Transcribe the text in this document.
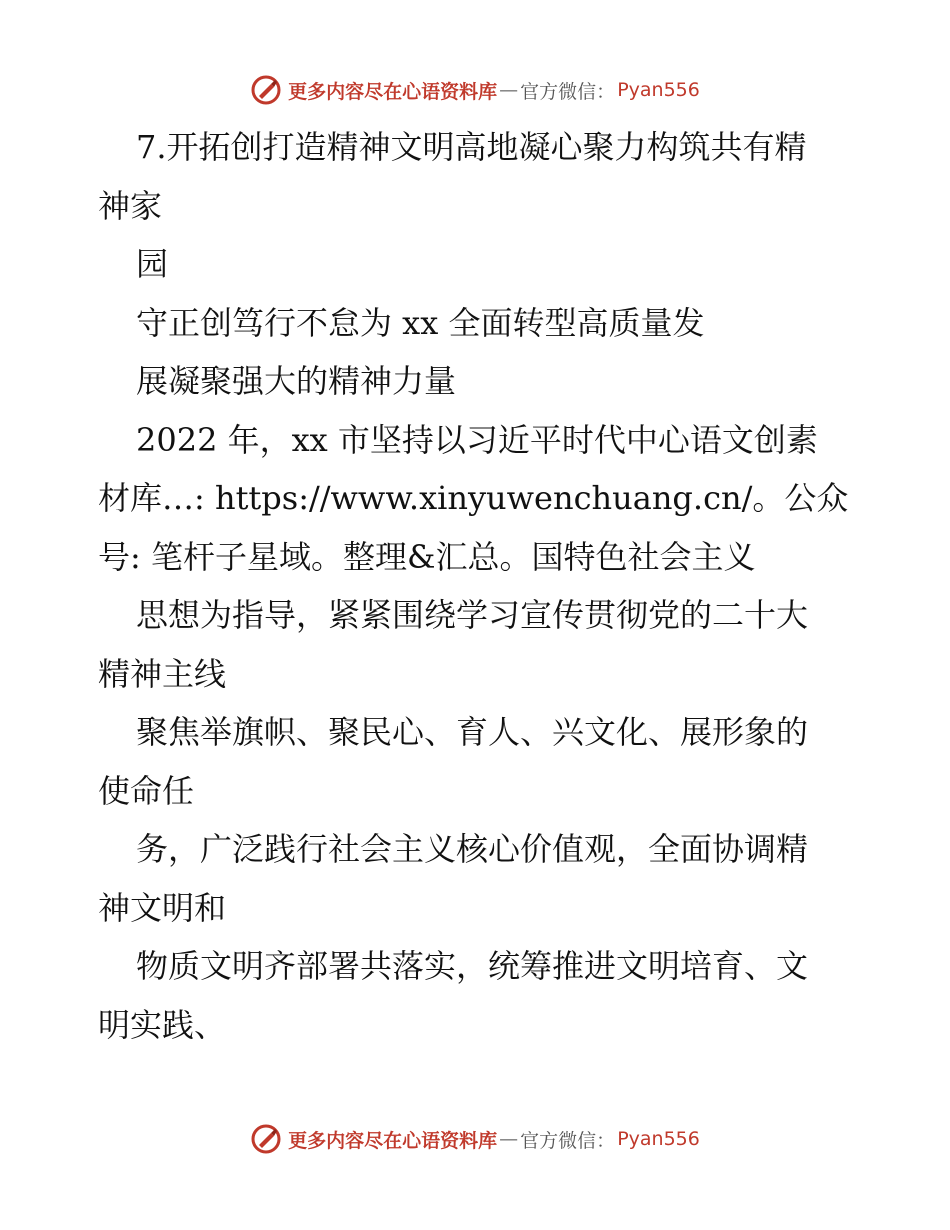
更多内容尽在心语资料库 — 官方微信： Pyan556
7.开拓创打造精神文明高地凝心聚力构筑共有精
神家
园
守正创笃行不怠为 xx 全面转型高质量发
展凝聚强大的精神力量
2022 年，xx 市坚持以习近平时代中心语文创素
材库…: https://www.xinyuwenchuang.cn/。公众
号: 笔杆子星域。整理&汇总。国特色社会主义
思想为指导，紧紧围绕学习宣传贯彻党的二十大
精神主线
聚焦举旗帜、聚民心、育人、兴文化、展形象的
使命任
务，广泛践行社会主义核心价值观，全面协调精
神文明和
物质文明齐部署共落实，统筹推进文明培育、文
明实践、
更多内容尽在心语资料库 — 官方微信： Pyan556
